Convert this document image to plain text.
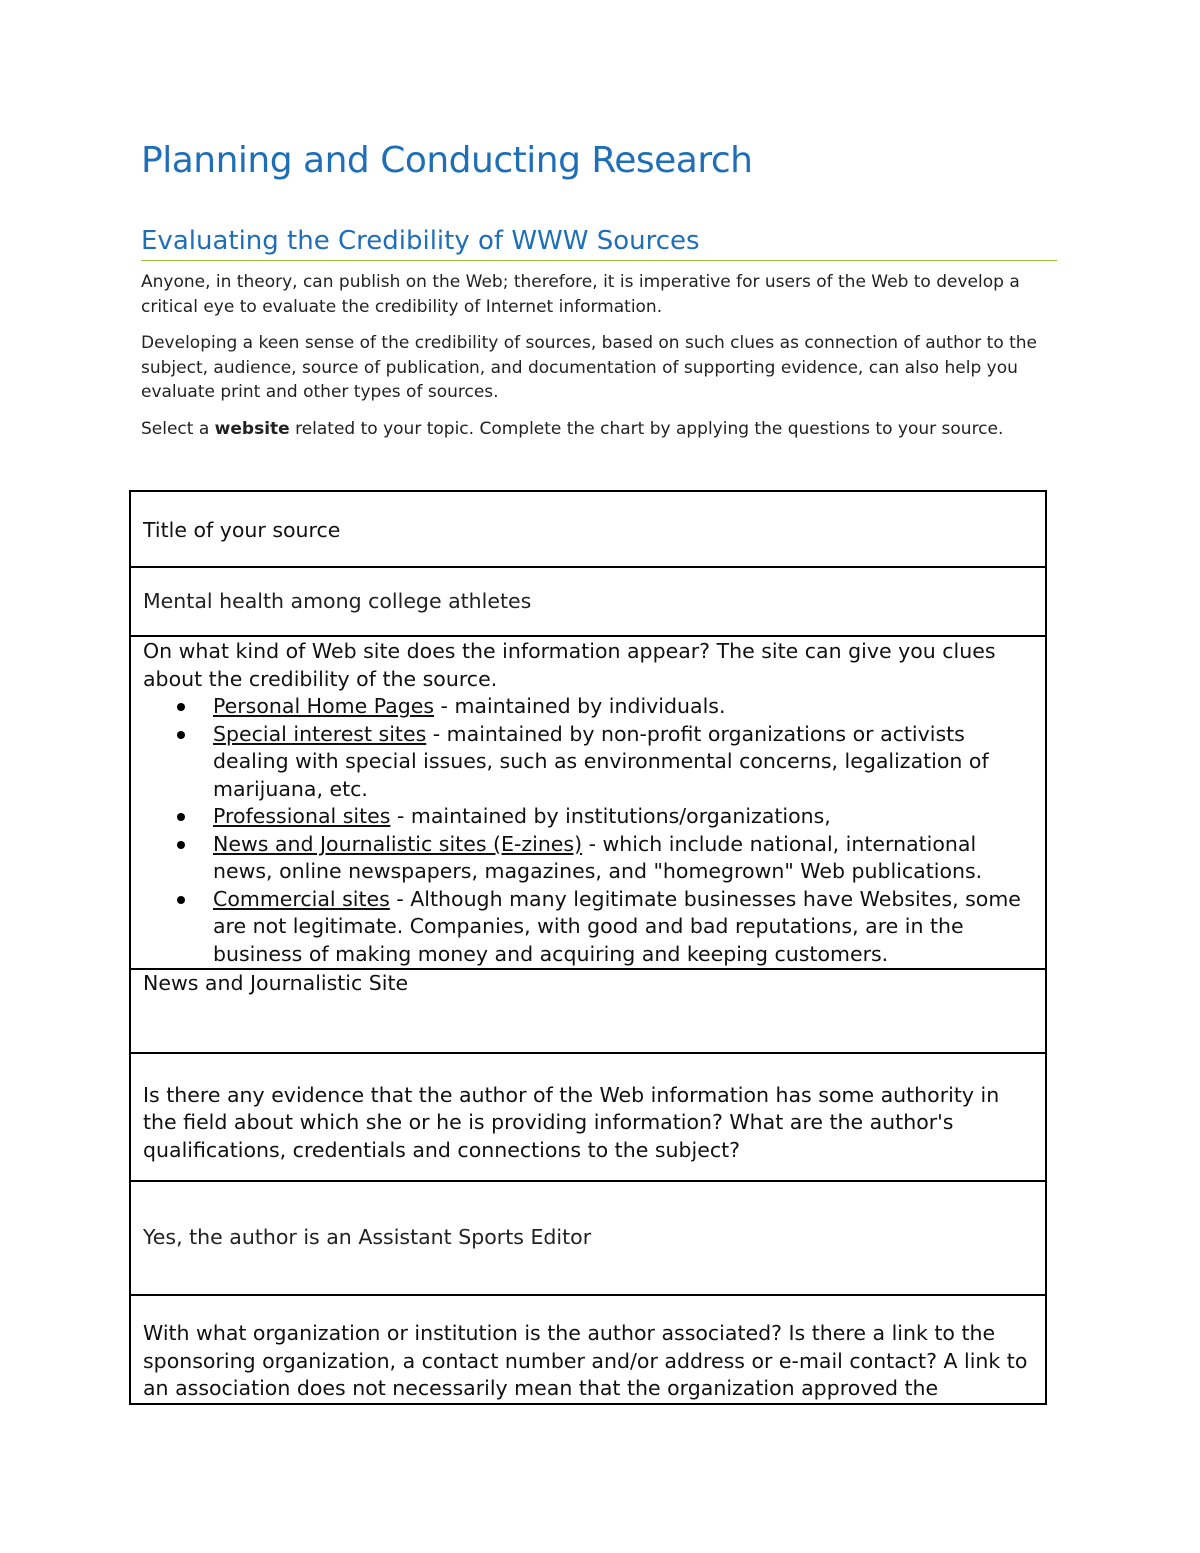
Planning and Conducting Research
Evaluating the Credibility of WWW Sources

Anyone, in theory, can publish on the Web; therefore, it is imperative for users of the Web to develop a critical eye to evaluate the credibility of Internet information.

Developing a keen sense of the credibility of sources, based on such clues as connection of author to the subject, audience, source of publication, and documentation of supporting evidence, can also help you evaluate print and other types of sources.

Select a website related to your topic. Complete the chart by applying the questions to your source.

Title of your source
Mental health among college athletes

On what kind of Web site does the information appear? The site can give you clues about the credibility of the source.
Personal Home Pages - maintained by individuals.
Special interest sites - maintained by non-profit organizations or activists dealing with special issues, such as environmental concerns, legalization of marijuana, etc.
Professional sites - maintained by institutions/organizations,
News and Journalistic sites (E-zines) - which include national, international news, online newspapers, magazines, and "homegrown" Web publications.
Commercial sites - Although many legitimate businesses have Websites, some are not legitimate. Companies, with good and bad reputations, are in the business of making money and acquiring and keeping customers.

News and Journalistic Site
Is there any evidence that the author of the Web information has some authority in the field about which she or he is providing information? What are the author's qualifications, credentials and connections to the subject?
Yes, the author is an Assistant Sports Editor
With what organization or institution is the author associated? Is there a link to the sponsoring organization, a contact number and/or address or e-mail contact? A link to an association does not necessarily mean that the organization approved the
